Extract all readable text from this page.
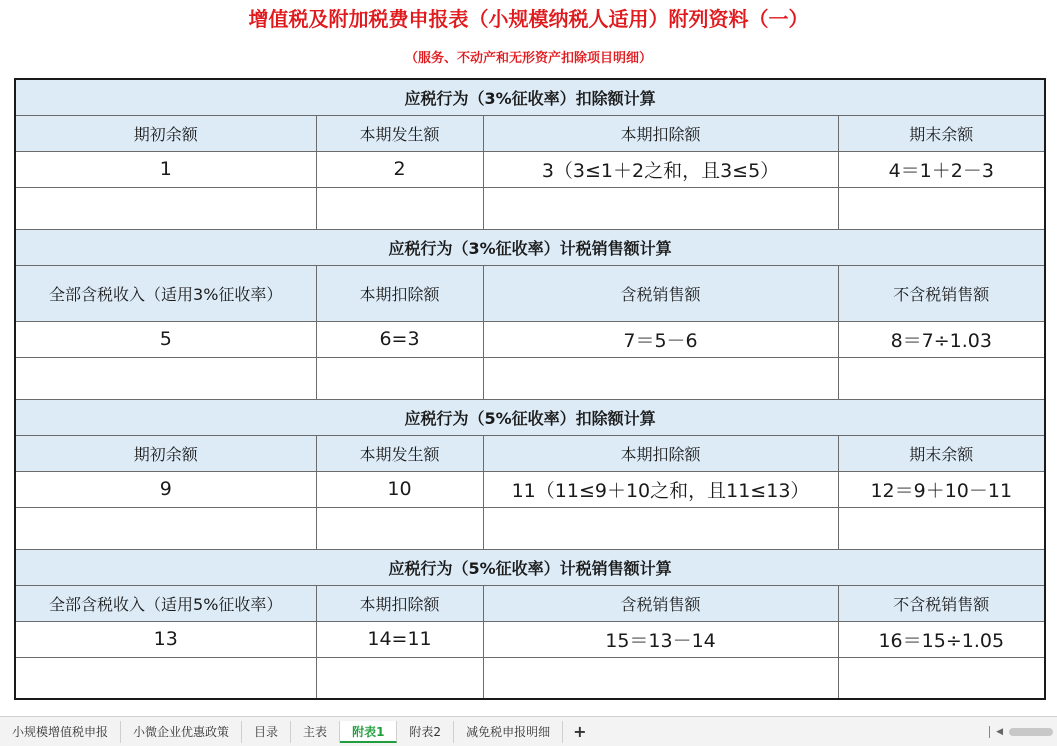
增值税及附加税费申报表（小规模纳税人适用）附列资料（一）
（服务、不动产和无形资产扣除项目明细）
应税行为（3%征收率）扣除额计算			
期初余额	本期发生额	本期扣除额	期末余额
1	2	3（3≤1＋2之和，且3≤5）	4＝1＋2－3

应税行为（3%征收率）计税销售额计算			
全部含税收入（适用3%征收率）	本期扣除额	含税销售额	不含税销售额
5	6=3	7＝5－6	8＝7÷1.03

应税行为（5%征收率）扣除额计算			
期初余额	本期发生额	本期扣除额	期末余额
9	10	11（11≤9＋10之和，且11≤13）	12＝9＋10－11

应税行为（5%征收率）计税销售额计算			
全部含税收入（适用5%征收率）	本期扣除额	含税销售额	不含税销售额
13	14=11	15＝13－14	16＝15÷1.05

小规模增值税申报	小微企业优惠政策	目录	主表	附表1	附表2	减免税申报明细	+	◀
